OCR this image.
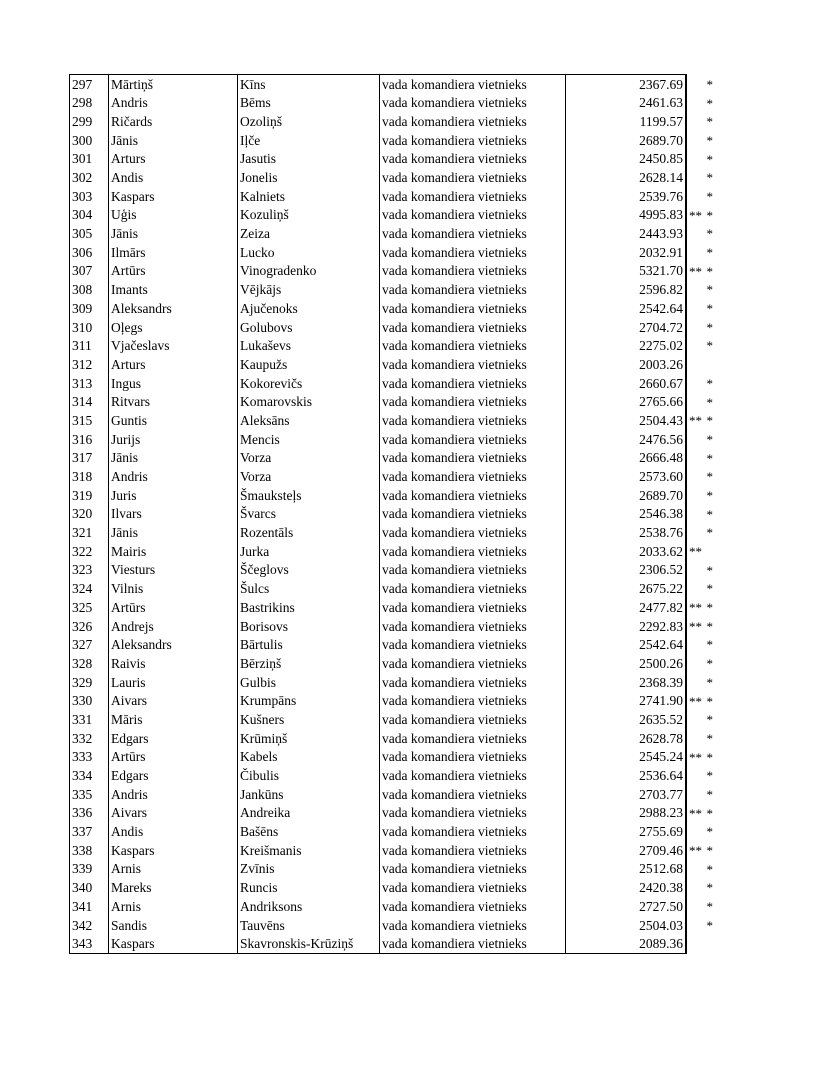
297	Mārtiņš	Kīns	vada komandiera vietnieks	2367.69	*

298	Andris	Bēms	vada komandiera vietnieks	2461.63	*

299	Ričards	Ozoliņš	vada komandiera vietnieks	1199.57	*

300	Jānis	Iļče	vada komandiera vietnieks	2689.70	*

301	Arturs	Jasutis	vada komandiera vietnieks	2450.85	*

302	Andis	Jonelis	vada komandiera vietnieks	2628.14	*

303	Kaspars	Kalniets	vada komandiera vietnieks	2539.76	*

304	Uģis	Kozuliņš	vada komandiera vietnieks	4995.83	** *

305	Jānis	Zeiza	vada komandiera vietnieks	2443.93	*

306	Ilmārs	Lucko	vada komandiera vietnieks	2032.91	*

307	Artūrs	Vinogradenko	vada komandiera vietnieks	5321.70	** *

308	Imants	Vējkājs	vada komandiera vietnieks	2596.82	*

309	Aleksandrs	Ajučenoks	vada komandiera vietnieks	2542.64	*

310	Oļegs	Golubovs	vada komandiera vietnieks	2704.72	*

311	Vjačeslavs	Lukaševs	vada komandiera vietnieks	2275.02	*

312	Arturs	Kaupužs	vada komandiera vietnieks	2003.26	

313	Ingus	Kokorevičs	vada komandiera vietnieks	2660.67	*

314	Ritvars	Komarovskis	vada komandiera vietnieks	2765.66	*

315	Guntis	Aleksāns	vada komandiera vietnieks	2504.43	** *

316	Jurijs	Mencis	vada komandiera vietnieks	2476.56	*

317	Jānis	Vorza	vada komandiera vietnieks	2666.48	*

318	Andris	Vorza	vada komandiera vietnieks	2573.60	*

319	Juris	Šmauksteļs	vada komandiera vietnieks	2689.70	*

320	Ilvars	Švarcs	vada komandiera vietnieks	2546.38	*

321	Jānis	Rozentāls	vada komandiera vietnieks	2538.76	*

322	Mairis	Jurka	vada komandiera vietnieks	2033.62	**

323	Viesturs	Ščeglovs	vada komandiera vietnieks	2306.52	*

324	Vilnis	Šulcs	vada komandiera vietnieks	2675.22	*

325	Artūrs	Bastrikins	vada komandiera vietnieks	2477.82	** *

326	Andrejs	Borisovs	vada komandiera vietnieks	2292.83	** *

327	Aleksandrs	Bārtulis	vada komandiera vietnieks	2542.64	*

328	Raivis	Bērziņš	vada komandiera vietnieks	2500.26	*

329	Lauris	Gulbis	vada komandiera vietnieks	2368.39	*

330	Aivars	Krumpāns	vada komandiera vietnieks	2741.90	** *

331	Māris	Kušners	vada komandiera vietnieks	2635.52	*

332	Edgars	Krūmiņš	vada komandiera vietnieks	2628.78	*

333	Artūrs	Kabels	vada komandiera vietnieks	2545.24	** *

334	Edgars	Čibulis	vada komandiera vietnieks	2536.64	*

335	Andris	Jankūns	vada komandiera vietnieks	2703.77	*

336	Aivars	Andreika	vada komandiera vietnieks	2988.23	** *

337	Andis	Bašēns	vada komandiera vietnieks	2755.69	*

338	Kaspars	Kreišmanis	vada komandiera vietnieks	2709.46	** *

339	Arnis	Zvīnis	vada komandiera vietnieks	2512.68	*

340	Mareks	Runcis	vada komandiera vietnieks	2420.38	*

341	Arnis	Andriksons	vada komandiera vietnieks	2727.50	*

342	Sandis	Tauvēns	vada komandiera vietnieks	2504.03	*

343	Kaspars	Skavronskis-Krūziņš	vada komandiera vietnieks	2089.36	
